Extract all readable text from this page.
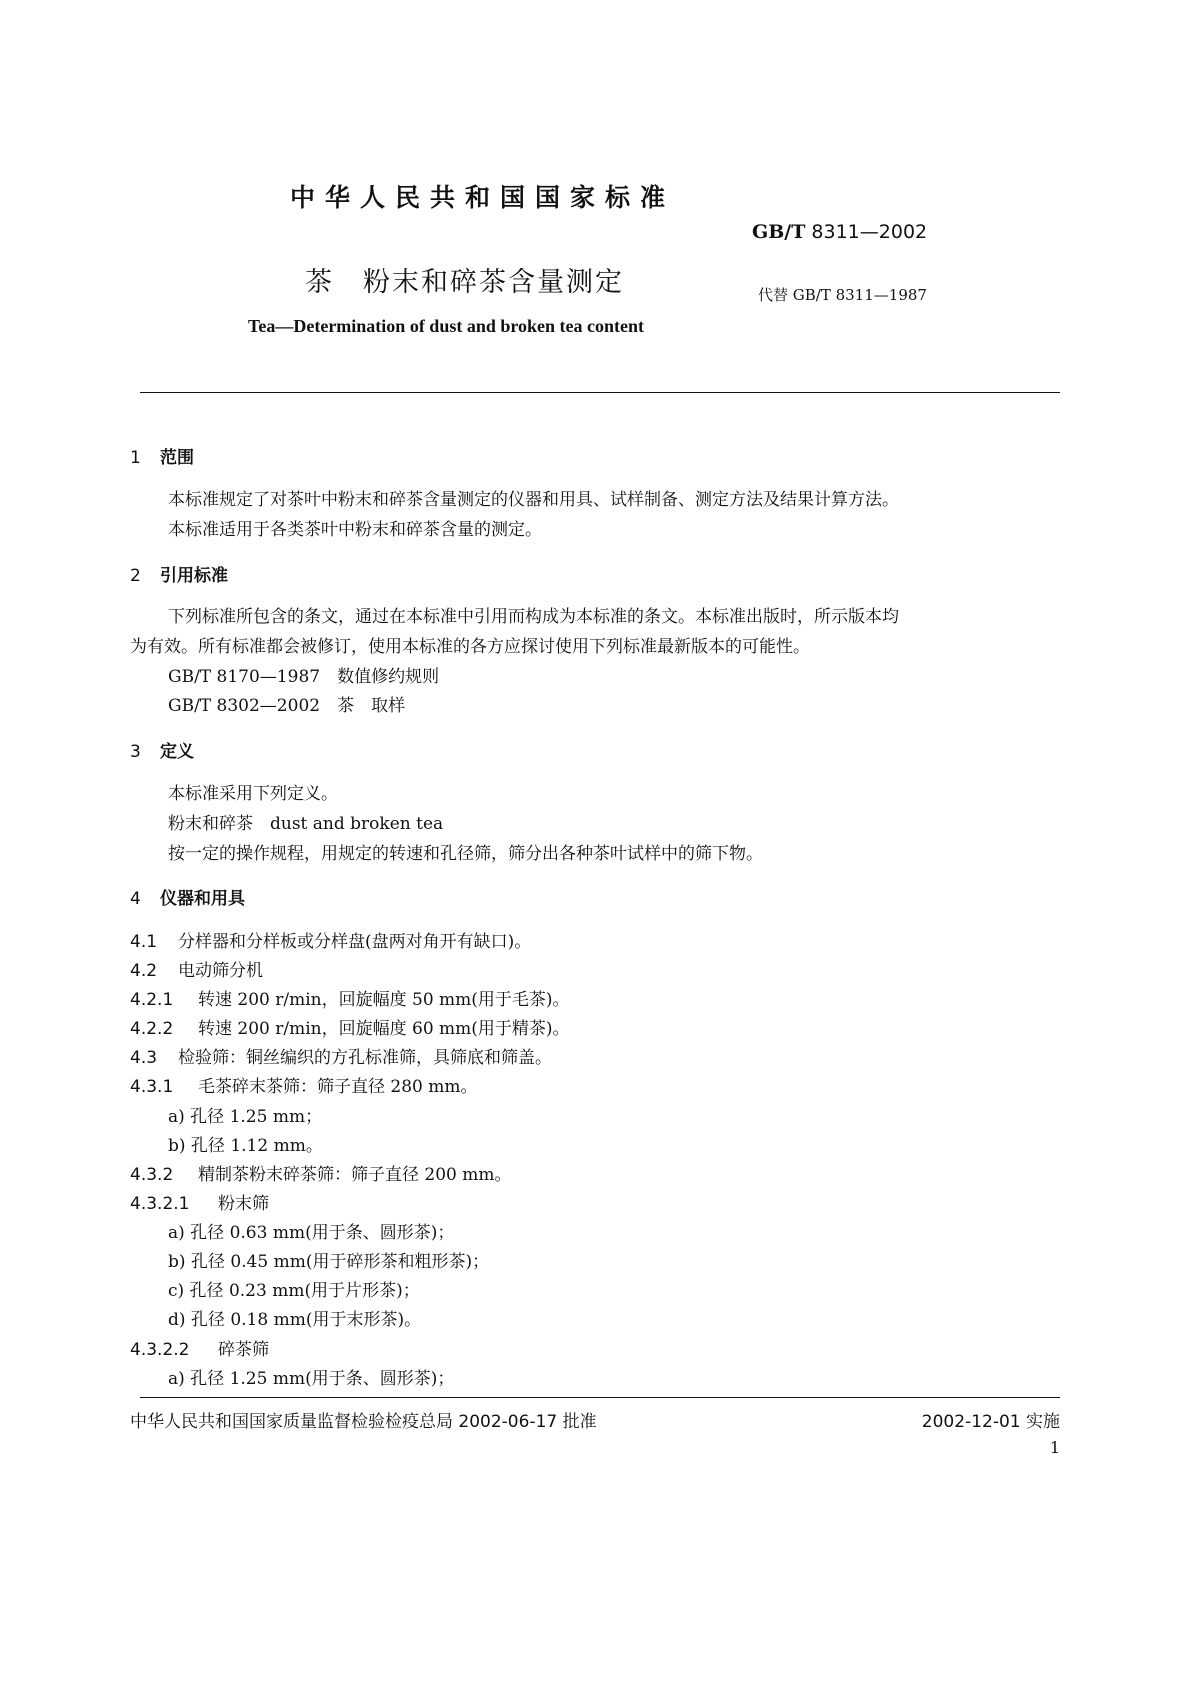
中华人民共和国国家标准
GB/T 8311—2002
茶　粉末和碎茶含量测定	代替 GB/T 8311—1987
Tea—Determination of dust and broken tea content
1 范围
本标准规定了对茶叶中粉末和碎茶含量测定的仪器和用具、试样制备、测定方法及结果计算方法。
本标准适用于各类茶叶中粉末和碎茶含量的测定。
2 引用标准
下列标准所包含的条文，通过在本标准中引用而构成为本标准的条文。本标准出版时，所示版本均
为有效。所有标准都会被修订，使用本标准的各方应探讨使用下列标准最新版本的可能性。
GB/T 8170—1987　数值修约规则
GB/T 8302—2002　茶　取样
3 定义
本标准采用下列定义。
粉末和碎茶　dust and broken tea
按一定的操作规程，用规定的转速和孔径筛，筛分出各种茶叶试样中的筛下物。
4 仪器和用具
4.1 分样器和分样板或分样盘(盘两对角开有缺口)。
4.2 电动筛分机
4.2.1 转速 200 r/min，回旋幅度 50 mm(用于毛茶)。
4.2.2 转速 200 r/min，回旋幅度 60 mm(用于精茶)。
4.3 检验筛：铜丝编织的方孔标准筛，具筛底和筛盖。
4.3.1 毛茶碎末茶筛：筛子直径 280 mm。
a) 孔径 1.25 mm；
b) 孔径 1.12 mm。
4.3.2 精制茶粉末碎茶筛：筛子直径 200 mm。
4.3.2.1 粉末筛
a) 孔径 0.63 mm(用于条、圆形茶)；
b) 孔径 0.45 mm(用于碎形茶和粗形茶)；
c) 孔径 0.23 mm(用于片形茶)；
d) 孔径 0.18 mm(用于末形茶)。
4.3.2.2 碎茶筛
a) 孔径 1.25 mm(用于条、圆形茶)；
中华人民共和国国家质量监督检验检疫总局 2002-06-17 批准	2002-12-01 实施
1
